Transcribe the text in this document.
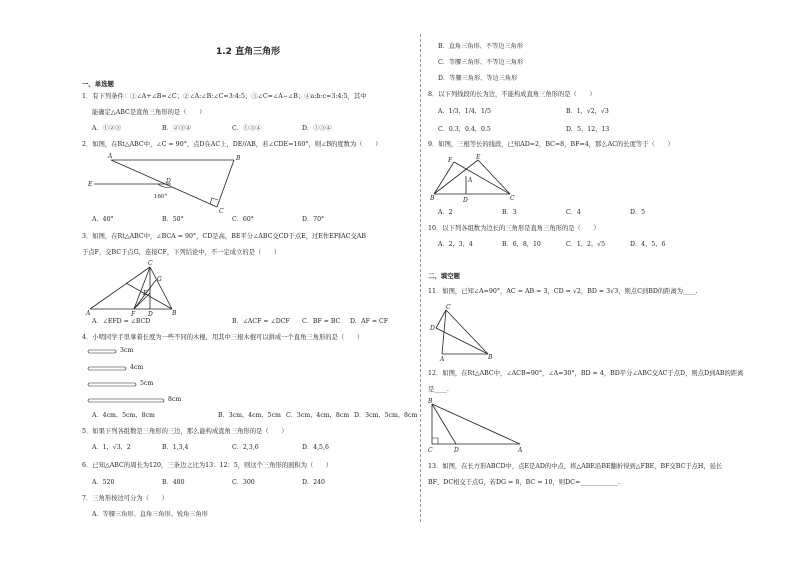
1.2 直角三角形
一、单选题
1．有下列条件：①∠A+∠B=∠C；②∠A:∠B:∠C=3:4:5；③∠C=∠A−∠B；④a:b:c=3:4:5，其中
能确定△ABC是直角三角形的是（　　）
A．①②③	B．②③④	C．①③④	D．①③④
2．如图，在Rt△ABC中，∠C = 90°，点D在AC上，DE//AB，若∠CDE=160°，则∠B的度数为（　　）
E
A	B
D
C
160°
A．40°	B．50°	C．60°	D．70°
3．如图，在Rt△ABC中，∠BCA = 90°，CD是高，BE平分∠ABC交CD于点E，过E作EF∥AC交AB
于点F，交BC于点G，连接CF，下列结论中，不一定成立的是（　　）
A	B
C
D
E
F
G
A．∠EFD = ∠BCD	B．∠ACF = ∠DCF C．BF = BC D．AF = CF
4．小明同学手里拿着长度为一些不同的木棍，用其中三根木棍可以拼成一个直角三角形的是（　　）
3cm
4cm
5cm
8cm
A．4cm，5cm，8cm	B．3cm，4cm，5cm C．3cm，4cm，8cm D．3cm，5cm，8cm
5．如果下列各组数是三角形的三边，那么能构成直角三角形的是（　　）
A．1，√3，2	B．1,3,4	C．2,3,6	D．4,5,6
6．已知△ABC的周长为120，三条边之比为13：12：5，则这个三角形的面积为（　　）
A．520	B．480	C．300	D．240
7．三角形按边可分为（　　）
A．等腰三角形、直角三角形、锐角三角形
B．直角三角形、不等边三角形
C．等腰三角形、不等边三角形
D．等腰三角形、等边三角形
8．以下列线段的长为边，不能构成直角三角形的是（　　）
A．1/3，1/4，1/5	B．1，√2，√3
C．0.3，0.4，0.5	D．5，12，13
9．如图，三根等长的线段，已知AD=2，BC=8，BF=4，那么AC的长度等于（　　）
B	C
D
F	E
A
A．2	B．3	C．4	D．5
10．以下列各组数为边长的三角形是直角三角形的是（　　）
A．2，3，4	B．6，8，10	C．1，2，√5	D．4，5，6
二、填空题
11．如图，已知∠A=90°，AC = AB = 3，CD = √2，BD = 3√3，则点C到BD的距离为____.
C
D
A	B
12．如图，在Rt△ABC中，∠ACB=90°，∠A=30°，BD = 4，BD平分∠ABC交AC于点D，则点D到AB的距离
是____.
B
C	D	A
13．如图，在长方形ABCD中，点E是AD的中点，将△ABE沿BE翻折得到△FBE，BF交BC于点H，延长
BF、DC相交于点G，若DG = 8，BC = 10，则DC=____________.
